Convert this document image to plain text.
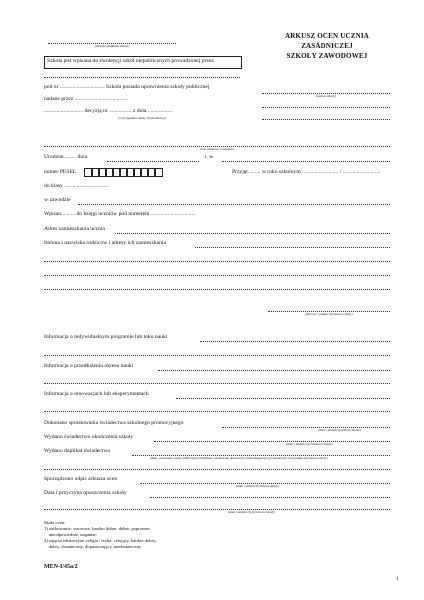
(pieczęć podłużna szkoły)
Szkoła jest wpisana do ewidencji szkół niepublicznych prowadzonej przez
pod nr ................................ Szkoła posiada uprawnienia szkoły publicznej
nadane przez ......................................
............................ decyzją nr ................ z dnia ..................
(w przypadku szkoły niepublicznej)
ARKUSZ OCEN UCZNIA
ZASADNICZEJ
SZKOŁY ZAWODOWEJ
(nazwa szkoły)
imię (imiona) i nazwisko
Urodzon......... dnia	r. w
numer PESEL	Przyjęt......... w roku szkolnym .......................... / ...........................
do klasy ................................
w zawodzie
Wpisan.......... do księgi uczniów pod numerem ................................
Adres zamieszkania ucznia
Imiona i nazwiska rodziców i adresy ich zamieszkania
(pieczęć i podpis dyrektora szkoły)
Informacja o indywidualnym programie lub toku nauki
Informacja o przedłużeniu okresu nauki
Informacja o innowacjach lub eksperymentach
Dokonano sprostowania świadectwa szkolnego promocyjnego
(data i podpis dyrektora szkoły)
Wydano świadectwo ukończenia szkoły
(data i podpis wychowawcy klasy)
Wydano duplikat świadectwa
(data, wskazanie osoby odbierającej duplikat i oznaczenie dokumentu stwierdzającego jej tożsamość oraz podpis dyrektora szkoły)
Sporządzono odpis arkusza ocen
(data i podpis dyrektora szkoły)
Data i przyczyna opuszczenia szkoły
(data i podpis (i) dyrektora szkoły)
Skala ocen:
1) zachowanie: wzorowe, bardzo dobre, dobre, poprawne,
nieodpowiednie, naganne;
2) zajęcia edukacyjne, religia / etyka: celujący, bardzo dobry,
dobry, dostateczny, dopuszczający, niedostateczny.
MEN-I/45a/2
1
